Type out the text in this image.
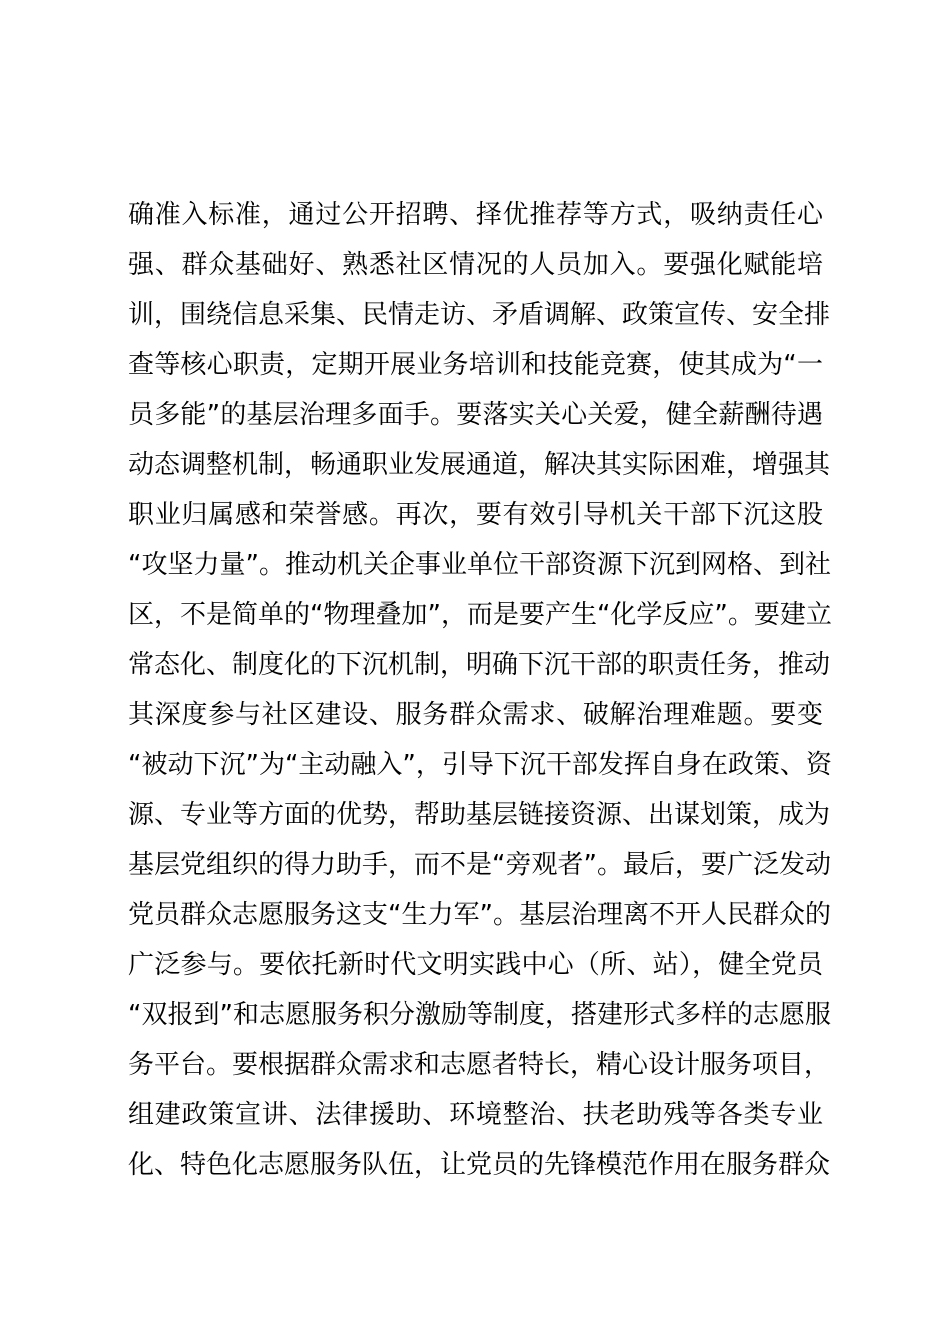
确准入标准，通过公开招聘、择优推荐等方式，吸纳责任心
强、群众基础好、熟悉社区情况的人员加入。要强化赋能培
训，围绕信息采集、民情走访、矛盾调解、政策宣传、安全排
查等核心职责，定期开展业务培训和技能竞赛，使其成为“一
员多能”的基层治理多面手。要落实关心关爱，健全薪酬待遇
动态调整机制，畅通职业发展通道，解决其实际困难，增强其
职业归属感和荣誉感。再次，要有效引导机关干部下沉这股
“攻坚力量”。推动机关企事业单位干部资源下沉到网格、到社
区，不是简单的“物理叠加”，而是要产生“化学反应”。要建立
常态化、制度化的下沉机制，明确下沉干部的职责任务，推动
其深度参与社区建设、服务群众需求、破解治理难题。要变
“被动下沉”为“主动融入”，引导下沉干部发挥自身在政策、资
源、专业等方面的优势，帮助基层链接资源、出谋划策，成为
基层党组织的得力助手，而不是“旁观者”。最后，要广泛发动
党员群众志愿服务这支“生力军”。基层治理离不开人民群众的
广泛参与。要依托新时代文明实践中心（所、站），健全党员
“双报到”和志愿服务积分激励等制度，搭建形式多样的志愿服
务平台。要根据群众需求和志愿者特长，精心设计服务项目，
组建政策宣讲、法律援助、环境整治、扶老助残等各类专业
化、特色化志愿服务队伍，让党员的先锋模范作用在服务群众
